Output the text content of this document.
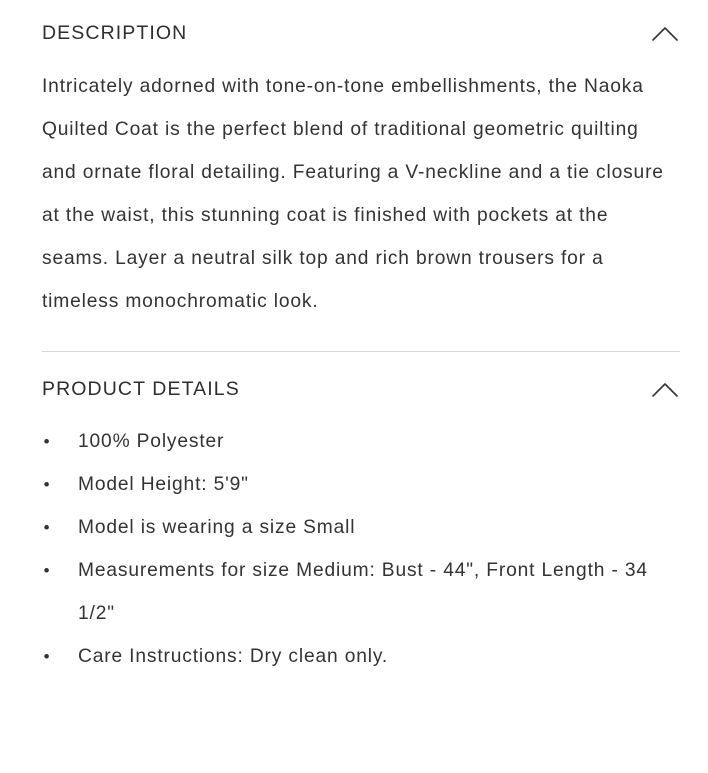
DESCRIPTION

Intricately adorned with tone-on-tone embellishments, the Naoka Quilted Coat is the perfect blend of traditional geometric quilting and ornate floral detailing. Featuring a V-neckline and a tie closure at the waist, this stunning coat is finished with pockets at the seams. Layer a neutral silk top and rich brown trousers for a timeless monochromatic look.

PRODUCT DETAILS
• 100% Polyester
• Model Height: 5'9"
• Model is wearing a size Small
• Measurements for size Medium: Bust - 44", Front Length - 34 1/2"
• Care Instructions: Dry clean only.
